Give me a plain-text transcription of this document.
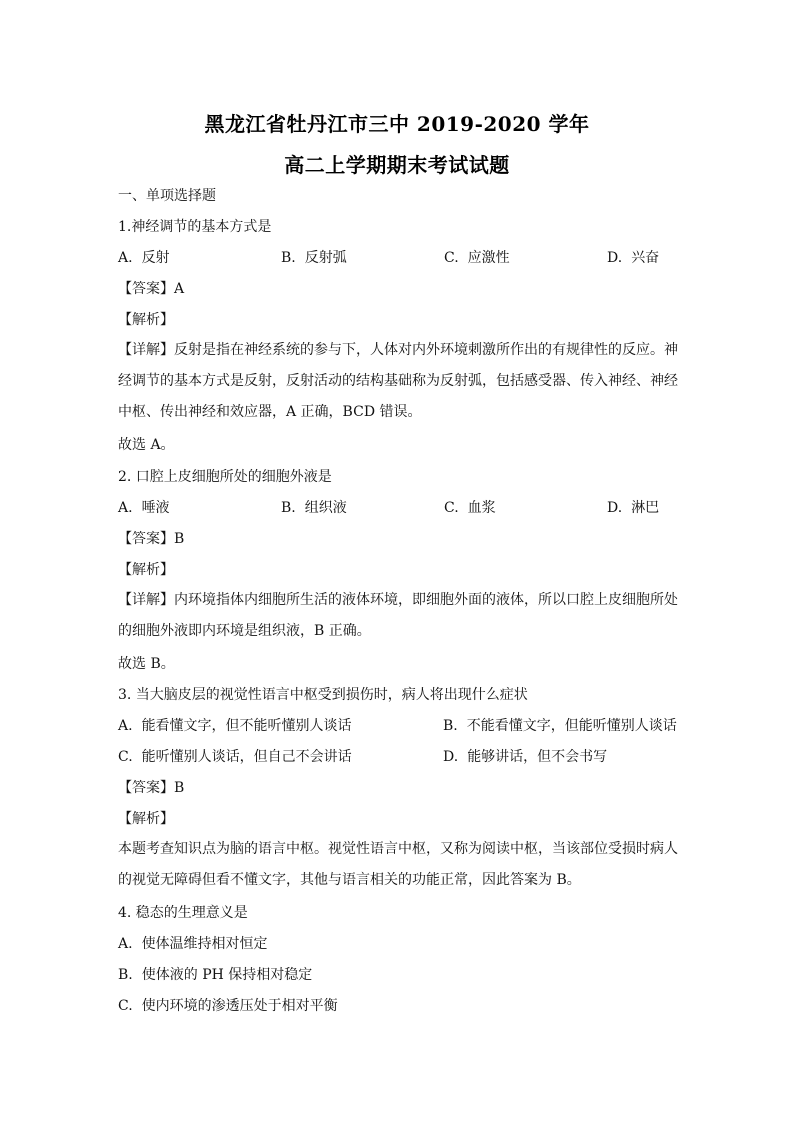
黑龙江省牡丹江市三中 2019-2020 学年
高二上学期期末考试试题
一、单项选择题
1.神经调节的基本方式是
A. 反射	B. 反射弧	C. 应激性	D. 兴奋
【答案】A
【解析】
【详解】反射是指在神经系统的参与下，人体对内外环境刺激所作出的有规律性的反应。神经调节的基本方式是反射，反射活动的结构基础称为反射弧，包括感受器、传入神经、神经中枢、传出神经和效应器，A 正确，BCD 错误。
故选 A。
2. 口腔上皮细胞所处的细胞外液是
A. 唾液	B. 组织液	C. 血浆	D. 淋巴
【答案】B
【解析】
【详解】内环境指体内细胞所生活的液体环境，即细胞外面的液体，所以口腔上皮细胞所处的细胞外液即内环境是组织液，B 正确。
故选 B。
3. 当大脑皮层的视觉性语言中枢受到损伤时，病人将出现什么症状
A. 能看懂文字，但不能听懂别人谈话	B. 不能看懂文字，但能听懂别人谈话
C. 能听懂别人谈话，但自己不会讲话	D. 能够讲话，但不会书写
【答案】B
【解析】
本题考查知识点为脑的语言中枢。视觉性语言中枢，又称为阅读中枢，当该部位受损时病人的视觉无障碍但看不懂文字，其他与语言相关的功能正常，因此答案为 B。
4. 稳态的生理意义是
A. 使体温维持相对恒定
B. 使体液的 PH 保持相对稳定
C. 使内环境的渗透压处于相对平衡
